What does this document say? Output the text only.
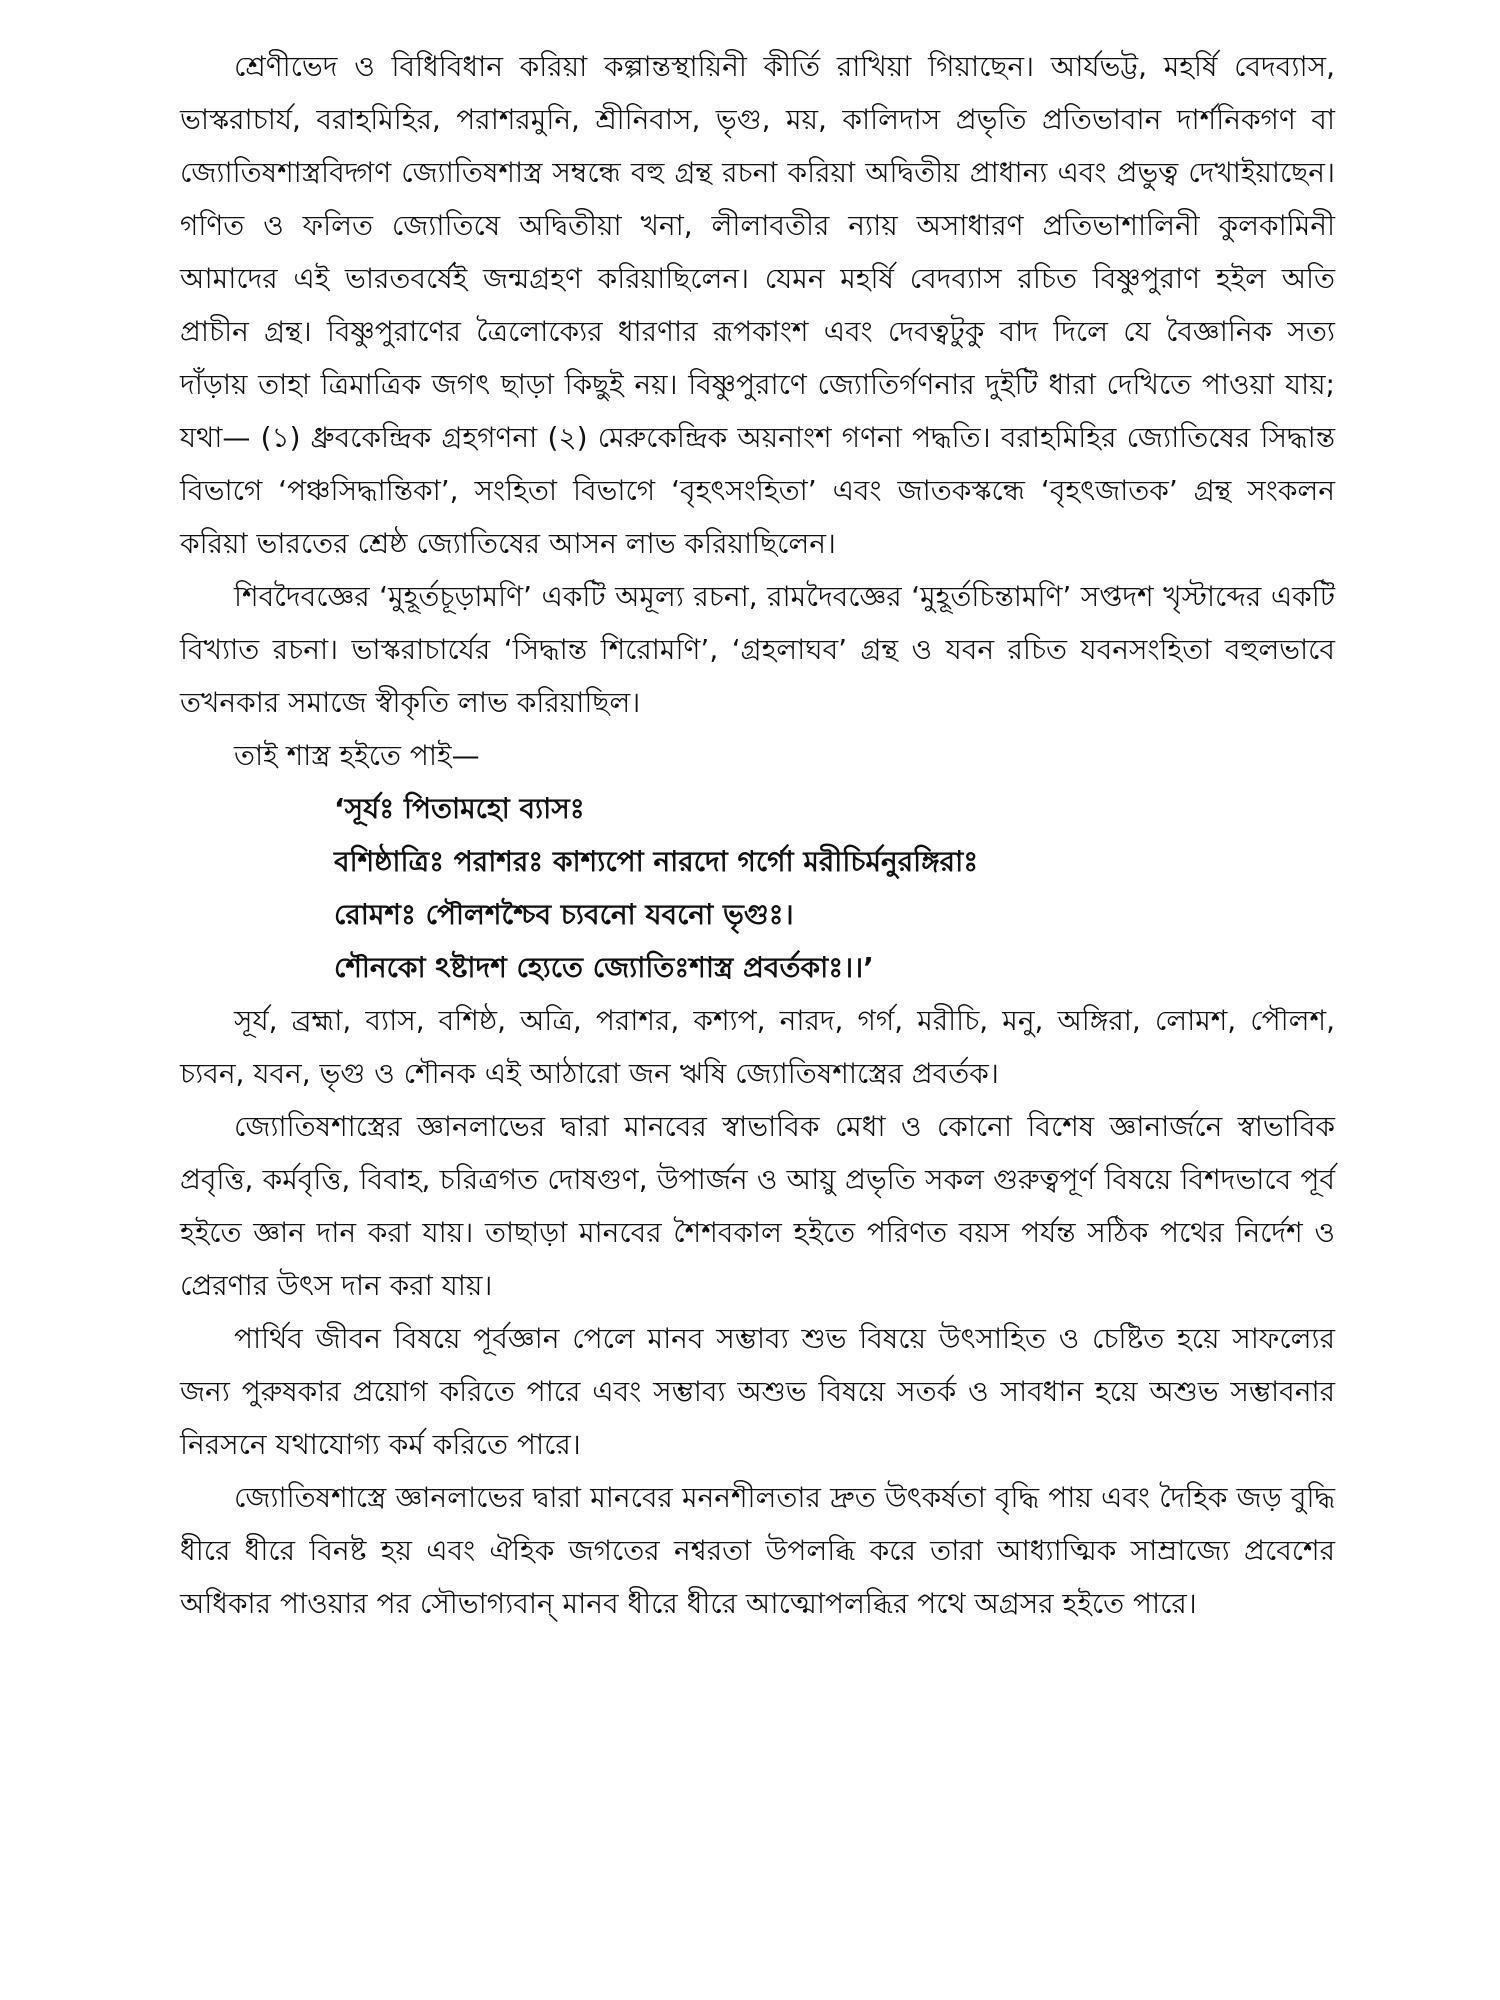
শ্রেণীভেদ ও বিধিবিধান করিয়া কল্পান্তস্থায়িনী কীর্তি রাখিয়া গিয়াছেন। আর্যভট্ট, মহর্ষি বেদব্যাস, ভাস্করাচার্য, বরাহমিহির, পরাশরমুনি, শ্রীনিবাস, ভৃগু, ময়, কালিদাস প্রভৃতি প্রতিভাবান দার্শনিকগণ বা জ্যোতিষশাস্ত্রবিদ্গণ জ্যোতিষশাস্ত্র সম্বন্ধে বহু গ্রন্থ রচনা করিয়া অদ্বিতীয় প্রাধান্য এবং প্রভুত্ব দেখাইয়াছেন। গণিত ও ফলিত জ্যোতিষে অদ্বিতীয়া খনা, লীলাবতীর ন্যায় অসাধারণ প্রতিভাশালিনী কুলকামিনী আমাদের এই ভারতবর্ষেই জন্মগ্রহণ করিয়াছিলেন। যেমন মহর্ষি বেদব্যাস রচিত বিষ্ণুপুরাণ হইল অতি প্রাচীন গ্রন্থ। বিষ্ণুপুরাণের ত্রৈলোক্যের ধারণার রূপকাংশ এবং দেবত্বটুকু বাদ দিলে যে বৈজ্ঞানিক সত্য দাঁড়ায় তাহা ত্রিমাত্রিক জগৎ ছাড়া কিছুই নয়। বিষ্ণুপুরাণে জ্যোতির্গণনার দুইটি ধারা দেখিতে পাওয়া যায়; যথা— (১) ধ্রুবকেন্দ্রিক গ্রহগণনা (২) মেরুকেন্দ্রিক অয়নাংশ গণনা পদ্ধতি। বরাহমিহির জ্যোতিষের সিদ্ধান্ত বিভাগে ‘পঞ্চসিদ্ধান্তিকা’, সংহিতা বিভাগে ‘বৃহৎসংহিতা’ এবং জাতকস্কন্ধে ‘বৃহৎজাতক’ গ্রন্থ সংকলন করিয়া ভারতের শ্রেষ্ঠ জ্যোতিষের আসন লাভ করিয়াছিলেন।

শিবদৈবজ্ঞের ‘মুহূর্তচূড়ামণি’ একটি অমূল্য রচনা, রামদৈবজ্ঞের ‘মুহূর্তচিন্তামণি’ সপ্তদশ খৃস্টাব্দের একটি বিখ্যাত রচনা। ভাস্করাচার্যের ‘সিদ্ধান্ত শিরোমণি’, ‘গ্রহলাঘব’ গ্রন্থ ও যবন রচিত যবনসংহিতা বহুলভাবে তখনকার সমাজে স্বীকৃতি লাভ করিয়াছিল।

তাই শাস্ত্র হইতে পাই—

‘সূর্যঃ পিতামহো ব্যাসঃ
বশিষ্ঠাত্রিঃ পরাশরঃ কাশ্যপো নারদো গর্গো মরীচির্মনুরঙ্গিরাঃ
রোমশঃ পৌলশশ্চৈব চ্যবনো যবনো ভৃগুঃ।
শৌনকো ঽষ্টাদশ হ্যেতে জ্যোতিঃশাস্ত্র প্রবর্তকাঃ।।’

সূর্য, ব্রহ্মা, ব্যাস, বশিষ্ঠ, অত্রি, পরাশর, কশ্যপ, নারদ, গর্গ, মরীচি, মনু, অঙ্গিরা, লোমশ, পৌলশ, চ্যবন, যবন, ভৃগু ও শৌনক এই আঠারো জন ঋষি জ্যোতিষশাস্ত্রের প্রবর্তক।

জ্যোতিষশাস্ত্রের জ্ঞানলাভের দ্বারা মানবের স্বাভাবিক মেধা ও কোনো বিশেষ জ্ঞানার্জনে স্বাভাবিক প্রবৃত্তি, কর্মবৃত্তি, বিবাহ, চরিত্রগত দোষগুণ, উপার্জন ও আয়ু প্রভৃতি সকল গুরুত্বপূর্ণ বিষয়ে বিশদভাবে পূর্ব হইতে জ্ঞান দান করা যায়। তাছাড়া মানবের শৈশবকাল হইতে পরিণত বয়স পর্যন্ত সঠিক পথের নির্দেশ ও প্রেরণার উৎস দান করা যায়।

পার্থিব জীবন বিষয়ে পূর্বজ্ঞান পেলে মানব সম্ভাব্য শুভ বিষয়ে উৎসাহিত ও চেষ্টিত হয়ে সাফল্যের জন্য পুরুষকার প্রয়োগ করিতে পারে এবং সম্ভাব্য অশুভ বিষয়ে সতর্ক ও সাবধান হয়ে অশুভ সম্ভাবনার নিরসনে যথাযোগ্য কর্ম করিতে পারে।

জ্যোতিষশাস্ত্রে জ্ঞানলাভের দ্বারা মানবের মননশীলতার দ্রুত উৎকর্ষতা বৃদ্ধি পায় এবং দৈহিক জড় বুদ্ধি ধীরে ধীরে বিনষ্ট হয় এবং ঐহিক জগতের নশ্বরতা উপলব্ধি করে তারা আধ্যাত্মিক সাম্রাজ্যে প্রবেশের অধিকার পাওয়ার পর সৌভাগ্যবান্ মানব ধীরে ধীরে আত্মোপলব্ধির পথে অগ্রসর হইতে পারে।
